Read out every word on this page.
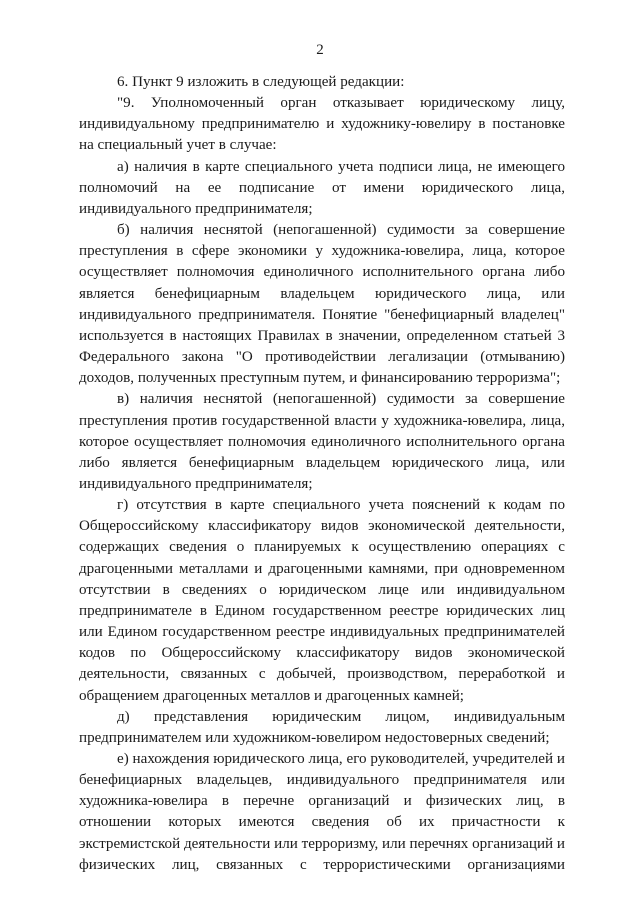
2

6. Пункт 9 изложить в следующей редакции:

"9. Уполномоченный орган отказывает юридическому лицу, индивидуальному предпринимателю и художнику-ювелиру в постановке на специальный учет в случае:

а) наличия в карте специального учета подписи лица, не имеющего полномочий на ее подписание от имени юридического лица, индивидуального предпринимателя;

б) наличия неснятой (непогашенной) судимости за совершение преступления в сфере экономики у художника-ювелира, лица, которое осуществляет полномочия единоличного исполнительного органа либо является бенефициарным владельцем юридического лица, или индивидуального предпринимателя. Понятие "бенефициарный владелец" используется в настоящих Правилах в значении, определенном статьей 3 Федерального закона "О противодействии легализации (отмыванию) доходов, полученных преступным путем, и финансированию терроризма";

в) наличия неснятой (непогашенной) судимости за совершение преступления против государственной власти у художника-ювелира, лица, которое осуществляет полномочия единоличного исполнительного органа либо является бенефициарным владельцем юридического лица, или индивидуального предпринимателя;

г) отсутствия в карте специального учета пояснений к кодам по Общероссийскому классификатору видов экономической деятельности, содержащих сведения о планируемых к осуществлению операциях с драгоценными металлами и драгоценными камнями, при одновременном отсутствии в сведениях о юридическом лице или индивидуальном предпринимателе в Едином государственном реестре юридических лиц или Едином государственном реестре индивидуальных предпринимателей кодов по Общероссийскому классификатору видов экономической деятельности, связанных с добычей, производством, переработкой и обращением драгоценных металлов и драгоценных камней;

д) представления юридическим лицом, индивидуальным предпринимателем или художником-ювелиром недостоверных сведений;

е) нахождения юридического лица, его руководителей, учредителей и бенефициарных владельцев, индивидуального предпринимателя или художника-ювелира в перечне организаций и физических лиц, в отношении которых имеются сведения об их причастности к экстремистской деятельности или терроризму, или перечнях организаций и физических лиц, связанных с террористическими организациями
